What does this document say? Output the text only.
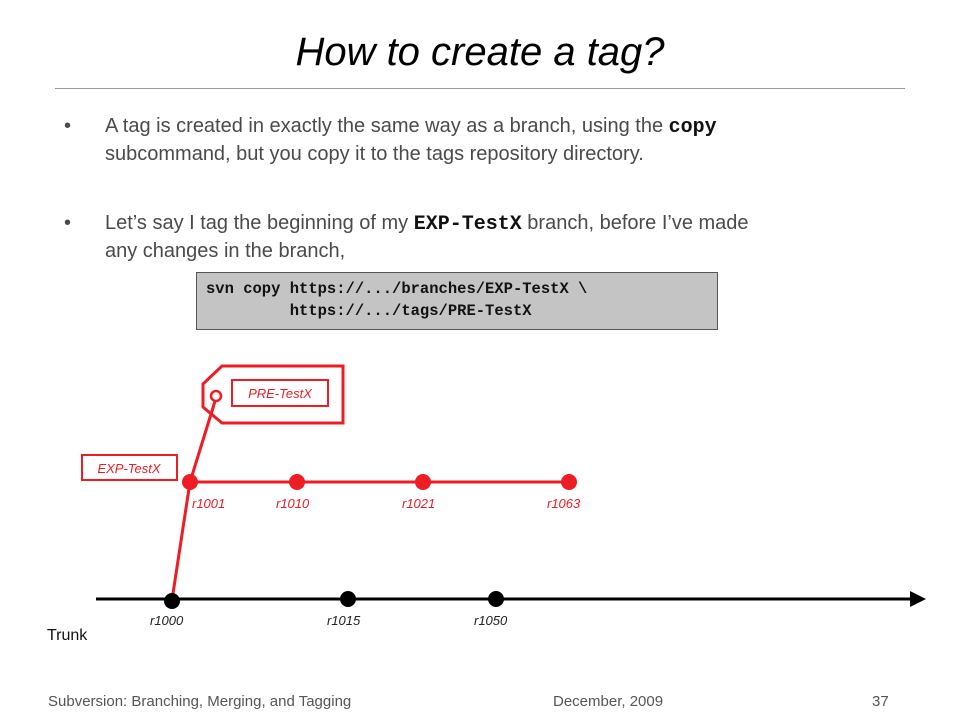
How to create a tag?
• A tag is created in exactly the same way as a branch, using the copy
subcommand, but you copy it to the tags repository directory.
• Let’s say I tag the beginning of my EXP-TestX branch, before I’ve made
any changes in the branch,
svn copy https://.../branches/EXP-TestX \
https://.../tags/PRE-TestX
PRE-TestX
EXP-TestX
r1001	r1010	r1021	r1063
r1000	r1015	r1050
Trunk
Subversion: Branching, Merging, and Tagging	December, 2009	37
